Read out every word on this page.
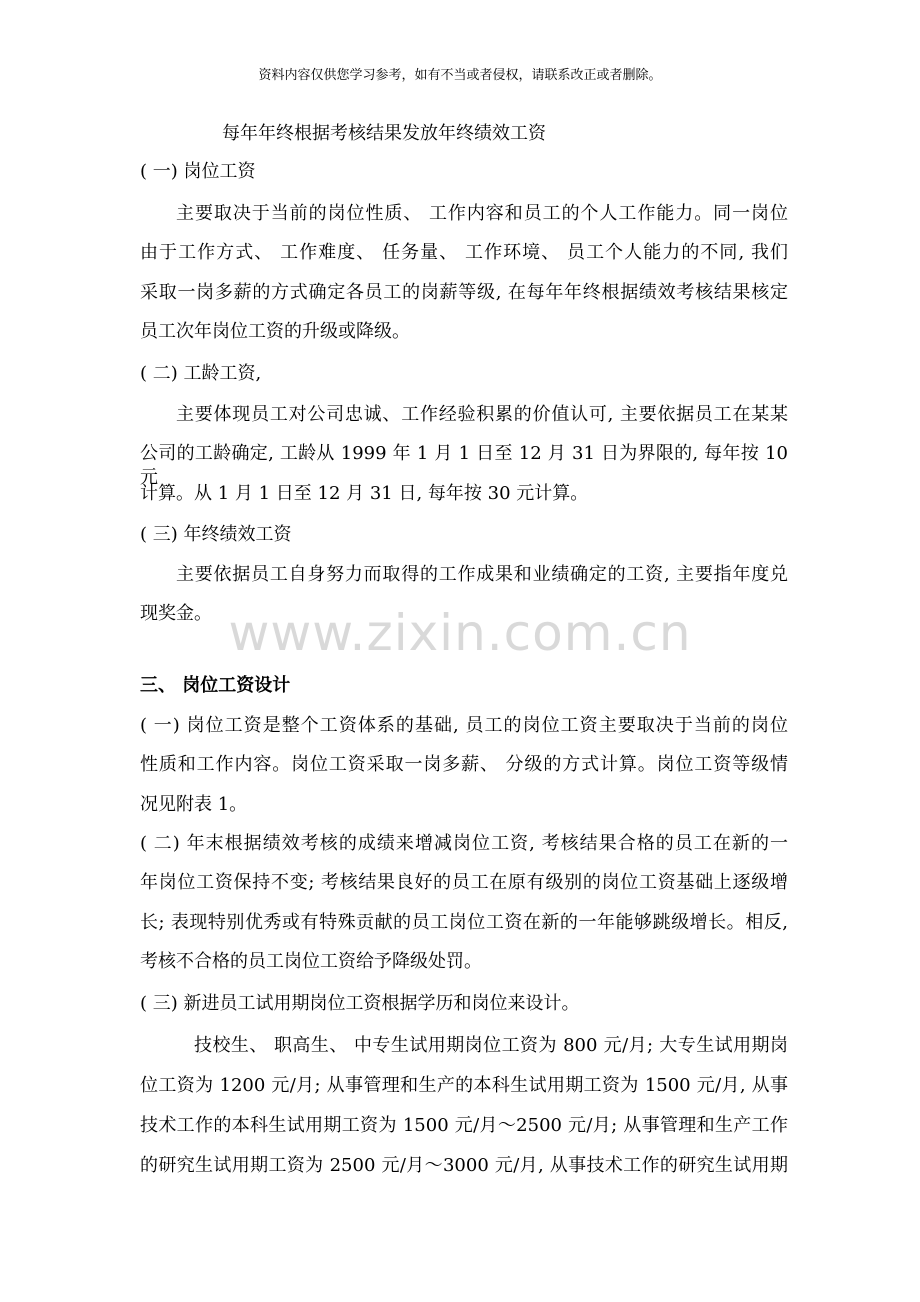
资料内容仅供您学习参考，如有不当或者侵权，请联系改正或者删除。
www.zixin.com.cn
每年年终根据考核结果发放年终绩效工资
( 一) 岗位工资
主要取决于当前的岗位性质、 工作内容和员工的个人工作能力。同一岗位
由于工作方式、 工作难度、 任务量、 工作环境、 员工个人能力的不同, 我们
采取一岗多薪的方式确定各员工的岗薪等级, 在每年年终根据绩效考核结果核定
员工次年岗位工资的升级或降级。
( 二) 工龄工资,
主要体现员工对公司忠诚、工作经验积累的价值认可, 主要依据员工在某某
公司的工龄确定, 工龄从 1999 年 1 月 1 日至 12 月 31 日为界限的, 每年按 10 元
计算。从 1 月 1 日至 12 月 31 日, 每年按 30 元计算。
( 三) 年终绩效工资
主要依据员工自身努力而取得的工作成果和业绩确定的工资, 主要指年度兑
现奖金。
三、 岗位工资设计
( 一) 岗位工资是整个工资体系的基础, 员工的岗位工资主要取决于当前的岗位
性质和工作内容。岗位工资采取一岗多薪、 分级的方式计算。岗位工资等级情
况见附表 1。
( 二) 年末根据绩效考核的成绩来增减岗位工资, 考核结果合格的员工在新的一
年岗位工资保持不变; 考核结果良好的员工在原有级别的岗位工资基础上逐级增
长; 表现特别优秀或有特殊贡献的员工岗位工资在新的一年能够跳级增长。相反,
考核不合格的员工岗位工资给予降级处罚。
( 三) 新进员工试用期岗位工资根据学历和岗位来设计。
技校生、 职高生、 中专生试用期岗位工资为 800 元/月; 大专生试用期岗
位工资为 1200 元/月; 从事管理和生产的本科生试用期工资为 1500 元/月, 从事
技术工作的本科生试用期工资为 1500 元/月～2500 元/月; 从事管理和生产工作
的研究生试用期工资为 2500 元/月～3000 元/月, 从事技术工作的研究生试用期
